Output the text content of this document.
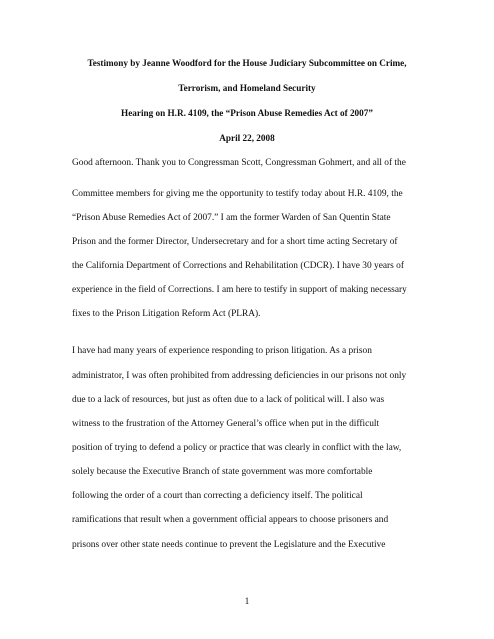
Testimony by Jeanne Woodford for the House Judiciary Subcommittee on Crime,
Terrorism, and Homeland Security
Hearing on H.R. 4109, the “Prison Abuse Remedies Act of 2007”
April 22, 2008
Good afternoon. Thank you to Congressman Scott, Congressman Gohmert, and all of the
Committee members for giving me the opportunity to testify today about H.R. 4109, the
“Prison Abuse Remedies Act of 2007.” I am the former Warden of San Quentin State
Prison and the former Director, Undersecretary and for a short time acting Secretary of
the California Department of Corrections and Rehabilitation (CDCR). I have 30 years of
experience in the field of Corrections. I am here to testify in support of making necessary
fixes to the Prison Litigation Reform Act (PLRA).
I have had many years of experience responding to prison litigation. As a prison
administrator, I was often prohibited from addressing deficiencies in our prisons not only
due to a lack of resources, but just as often due to a lack of political will. I also was
witness to the frustration of the Attorney General’s office when put in the difficult
position of trying to defend a policy or practice that was clearly in conflict with the law,
solely because the Executive Branch of state government was more comfortable
following the order of a court than correcting a deficiency itself. The political
ramifications that result when a government official appears to choose prisoners and
prisons over other state needs continue to prevent the Legislature and the Executive
1
